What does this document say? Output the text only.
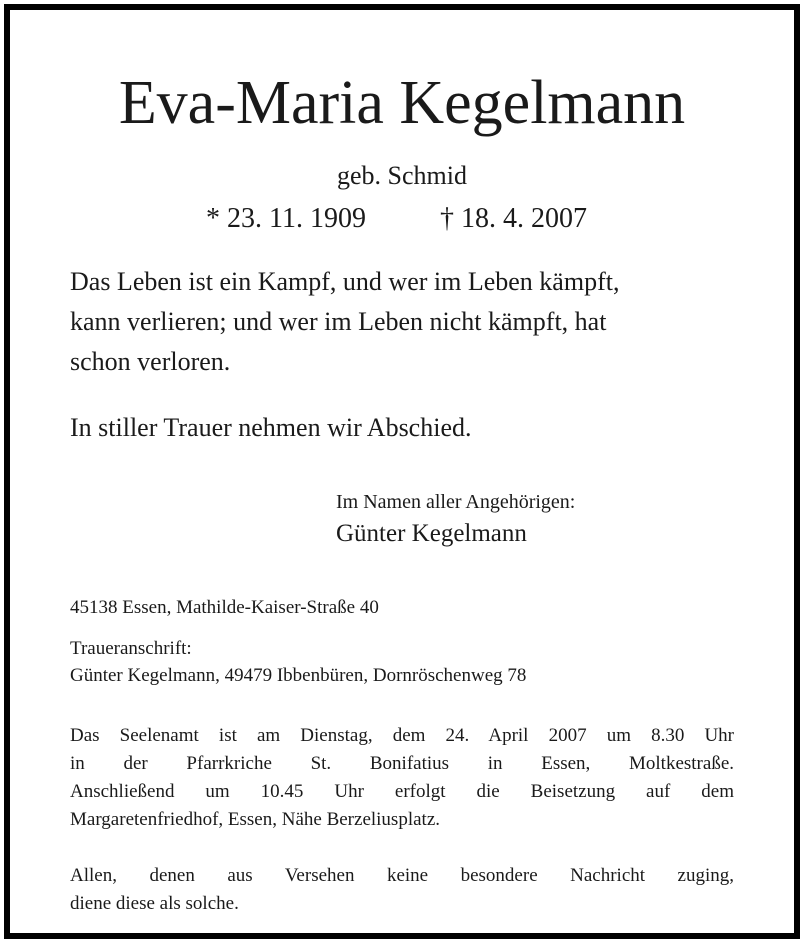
Eva-Maria Kegelmann
geb. Schmid
* 23. 11. 1909	† 18. 4. 2007
Das Leben ist ein Kampf, und wer im Leben kämpft,
kann verlieren; und wer im Leben nicht kämpft, hat
schon verloren.
In stiller Trauer nehmen wir Abschied.
Im Namen aller Angehörigen:
Günter Kegelmann
45138 Essen, Mathilde-Kaiser-Straße 40
Traueranschrift:
Günter Kegelmann, 49479 Ibbenbüren, Dornröschenweg 78
Das Seelenamt ist am Dienstag, dem 24. April 2007 um 8.30 Uhr
in der Pfarrkriche St. Bonifatius in Essen, Moltkestraße.
Anschließend um 10.45 Uhr erfolgt die Beisetzung auf dem
Margaretenfriedhof, Essen, Nähe Berzeliusplatz.
Allen, denen aus Versehen keine besondere Nachricht zuging,
diene diese als solche.
